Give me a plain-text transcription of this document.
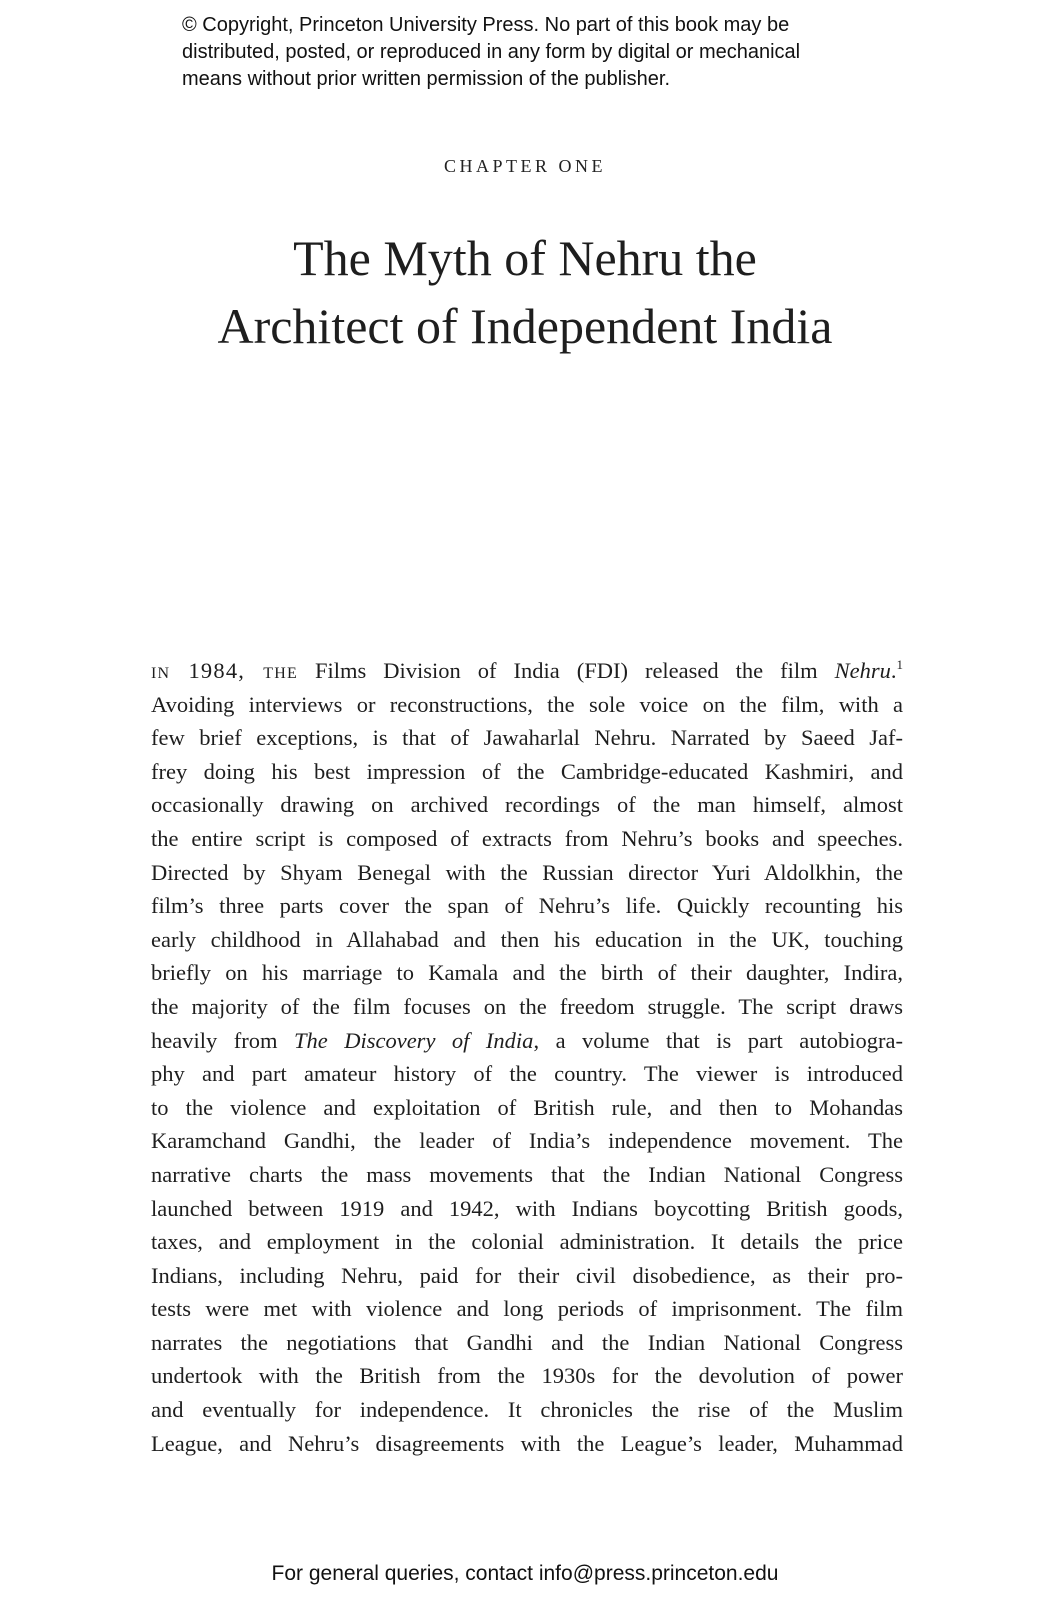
© Copyright, Princeton University Press. No part of this book may be
distributed, posted, or reproduced in any form by digital or mechanical
means without prior written permission of the publisher.
CHAPTER ONE
The Myth of Nehru the
Architect of Independent India
in 1984, the Films Division of India (FDI) released the film Nehru.$^1$
Avoiding interviews or reconstructions, the sole voice on the film, with a
few brief exceptions, is that of Jawaharlal Nehru. Narrated by Saeed Jaf-
frey doing his best impression of the Cambridge-educated Kashmiri, and
occasionally drawing on archived recordings of the man himself, almost
the entire script is composed of extracts from Nehru’s books and speeches.
Directed by Shyam Benegal with the Russian director Yuri Aldolkhin, the
film’s three parts cover the span of Nehru’s life. Quickly recounting his
early childhood in Allahabad and then his education in the UK, touching
briefly on his marriage to Kamala and the birth of their daughter, Indira,
the majority of the film focuses on the freedom struggle. The script draws
heavily from The Discovery of India, a volume that is part autobiogra-
phy and part amateur history of the country. The viewer is introduced
to the violence and exploitation of British rule, and then to Mohandas
Karamchand Gandhi, the leader of India’s independence movement. The
narrative charts the mass movements that the Indian National Congress
launched between 1919 and 1942, with Indians boycotting British goods,
taxes, and employment in the colonial administration. It details the price
Indians, including Nehru, paid for their civil disobedience, as their pro-
tests were met with violence and long periods of imprisonment. The film
narrates the negotiations that Gandhi and the Indian National Congress
undertook with the British from the 1930s for the devolution of power
and eventually for independence. It chronicles the rise of the Muslim
League, and Nehru’s disagreements with the League’s leader, Muhammad
For general queries, contact info@press.princeton.edu
